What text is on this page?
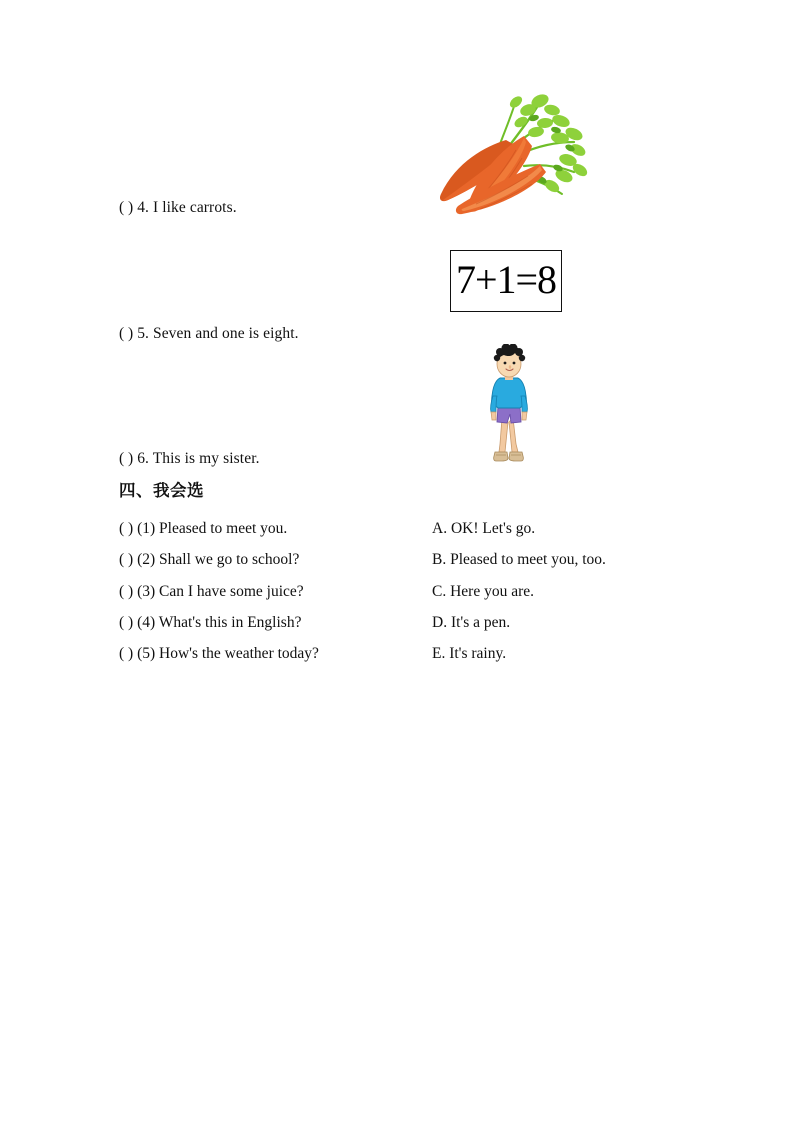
( ) 4. I like carrots.
7+1=8
( ) 5. Seven and one is eight.
( ) 6. This is my sister.
四、我会选
( ) (1) Pleased to meet you.
( ) (2) Shall we go to school?
( ) (3) Can I have some juice?
( ) (4) What's this in English?
( ) (5) How's the weather today?
A. OK! Let's go.
B. Pleased to meet you, too.
C. Here you are.
D. It's a pen.
E. It's rainy.
